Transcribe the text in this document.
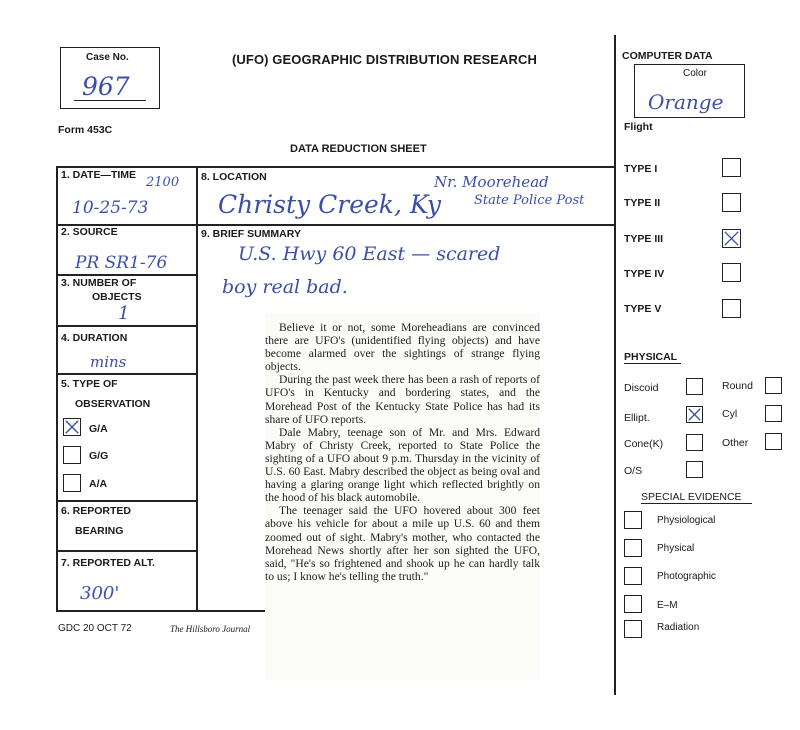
Case No.
967
(UFO) GEOGRAPHIC DISTRIBUTION RESEARCH
Form 453C
DATA REDUCTION SHEET
1. DATE—TIME 2100
10-25-73
2. SOURCE
PR SR1-76
3. NUMBER OF
OBJECTS
1
4. DURATION
mins
5. TYPE OF
OBSERVATION
G/A
G/G
A/A
6. REPORTED
BEARING
7. REPORTED ALT.
300'
8. LOCATION
Christy Creek, Ky
Nr. Moorehead
State Police Post
9. BRIEF SUMMARY
U.S. Hwy 60 East — scared
boy real bad.

Believe it or not, some Moreheadians are convinced there are UFO's (unidentified flying objects) and have become alarmed over the sightings of strange flying objects.

During the past week there has been a rash of reports of UFO's in Kentucky and bordering states, and the Morehead Post of the Kentucky State Police has had its share of UFO reports.

Dale Mabry, teenage son of Mr. and Mrs. Edward Mabry of Christy Creek, reported to State Police the sighting of a UFO about 9 p.m. Thursday in the vicinity of U.S. 60 East. Mabry described the object as being oval and having a glaring orange light which reflected brightly on the hood of his black automobile.

The teenager said the UFO hovered about 300 feet above his vehicle for about a mile up U.S. 60 and them zoomed out of sight. Mabry's mother, who contacted the Morehead News shortly after her son sighted the UFO, said, "He's so frightened and shook up he can hardly talk to us; I know he's telling the truth."

GDC 20 OCT 72	The Hillsboro Journal
COMPUTER DATA
Color
Orange
Flight
TYPE I
TYPE II
TYPE III
TYPE IV
TYPE V
PHYSICAL
Discoid	Round
Ellipt.	Cyl
Cone(K)	Other
O/S
SPECIAL EVIDENCE
Physiological
Physical
Photographic
E–M
Radiation
